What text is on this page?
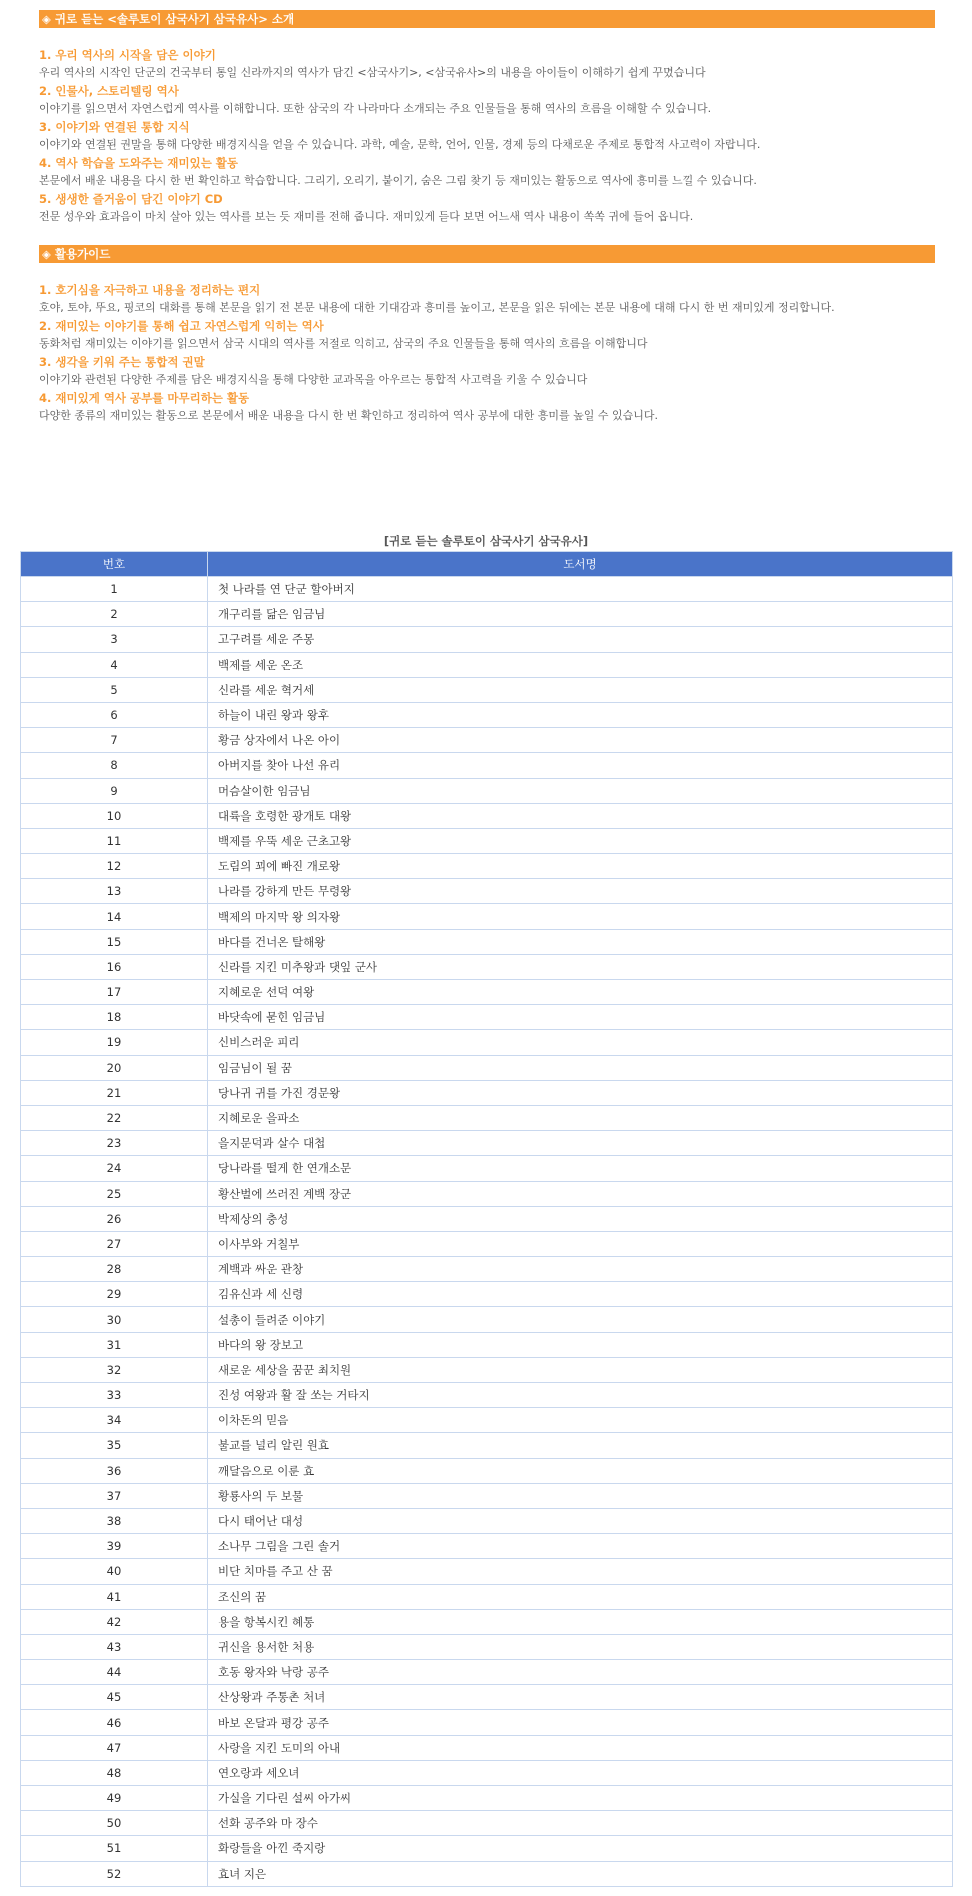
◈ 귀로 듣는 <솔루토이 삼국사기 삼국유사> 소개
1. 우리 역사의 시작을 담은 이야기
우리 역사의 시작인 단군의 건국부터 통일 신라까지의 역사가 담긴 <삼국사기>, <삼국유사>의 내용을 아이들이 이해하기 쉽게 꾸몄습니다
2. 인물사, 스토리텔링 역사
이야기를 읽으면서 자연스럽게 역사를 이해합니다. 또한 삼국의 각 나라마다 소개되는 주요 인물들을 통해 역사의 흐름을 이해할 수 있습니다.
3. 이야기와 연결된 통합 지식
이야기와 연결된 권말을 통해 다양한 배경지식을 얻을 수 있습니다. 과학, 예술, 문학, 언어, 인물, 경제 등의 다채로운 주제로 통합적 사고력이 자랍니다.
4. 역사 학습을 도와주는 재미있는 활동
본문에서 배운 내용을 다시 한 번 확인하고 학습합니다. 그리기, 오리기, 붙이기, 숨은 그림 찾기 등 재미있는 활동으로 역사에 흥미를 느낄 수 있습니다.
5. 생생한 즐거움이 담긴 이야기 CD
전문 성우와 효과음이 마치 살아 있는 역사를 보는 듯 재미를 전해 줍니다. 재미있게 듣다 보면 어느새 역사 내용이 쏙쏙 귀에 들어 옵니다.
◈ 활용가이드
1. 호기심을 자극하고 내용을 정리하는 편지
호야, 토야, 뚜요, 핑코의 대화를 통해 본문을 읽기 전 본문 내용에 대한 기대감과 흥미를 높이고, 본문을 읽은 뒤에는 본문 내용에 대해 다시 한 번 재미있게 정리합니다.
2. 재미있는 이야기를 통해 쉽고 자연스럽게 익히는 역사
동화처럼 재미있는 이야기를 읽으면서 삼국 시대의 역사를 저절로 익히고, 삼국의 주요 인물들을 통해 역사의 흐름을 이해합니다
3. 생각을 키워 주는 통합적 권말
이야기와 관련된 다양한 주제를 담은 배경지식을 통해 다양한 교과목을 아우르는 통합적 사고력을 키울 수 있습니다
4. 재미있게 역사 공부를 마무리하는 활동
다양한 종류의 재미있는 활동으로 본문에서 배운 내용을 다시 한 번 확인하고 정리하여 역사 공부에 대한 흥미를 높일 수 있습니다.
[귀로 듣는 솔루토이 삼국사기 삼국유사]
번호	도서명
1	첫 나라를 연 단군 할아버지
2	개구리를 닮은 임금님
3	고구려를 세운 주몽
4	백제를 세운 온조
5	신라를 세운 혁거세
6	하늘이 내린 왕과 왕후
7	황금 상자에서 나온 아이
8	아버지를 찾아 나선 유리
9	머슴살이한 임금님
10	대륙을 호령한 광개토 대왕
11	백제를 우뚝 세운 근초고왕
12	도림의 꾀에 빠진 개로왕
13	나라를 강하게 만든 무령왕
14	백제의 마지막 왕 의자왕
15	바다를 건너온 탈해왕
16	신라를 지킨 미추왕과 댓잎 군사
17	지혜로운 선덕 여왕
18	바닷속에 묻힌 임금님
19	신비스러운 피리
20	임금님이 될 꿈
21	당나귀 귀를 가진 경문왕
22	지혜로운 을파소
23	을지문덕과 살수 대첩
24	당나라를 떨게 한 연개소문
25	황산벌에 쓰러진 계백 장군
26	박제상의 충성
27	이사부와 거칠부
28	계백과 싸운 관창
29	김유신과 세 신령
30	설총이 들려준 이야기
31	바다의 왕 장보고
32	새로운 세상을 꿈꾼 최치원
33	진성 여왕과 활 잘 쏘는 거타지
34	이차돈의 믿음
35	불교를 널리 알린 원효
36	깨달음으로 이룬 효
37	황룡사의 두 보물
38	다시 태어난 대성
39	소나무 그림을 그린 솔거
40	비단 치마를 주고 산 꿈
41	조신의 꿈
42	용을 항복시킨 혜통
43	귀신을 용서한 처용
44	호동 왕자와 낙랑 공주
45	산상왕과 주통촌 처녀
46	바보 온달과 평강 공주
47	사랑을 지킨 도미의 아내
48	연오랑과 세오녀
49	가실을 기다린 설씨 아가씨
50	선화 공주와 마 장수
51	화랑들을 아낀 죽지랑
52	효녀 지은
